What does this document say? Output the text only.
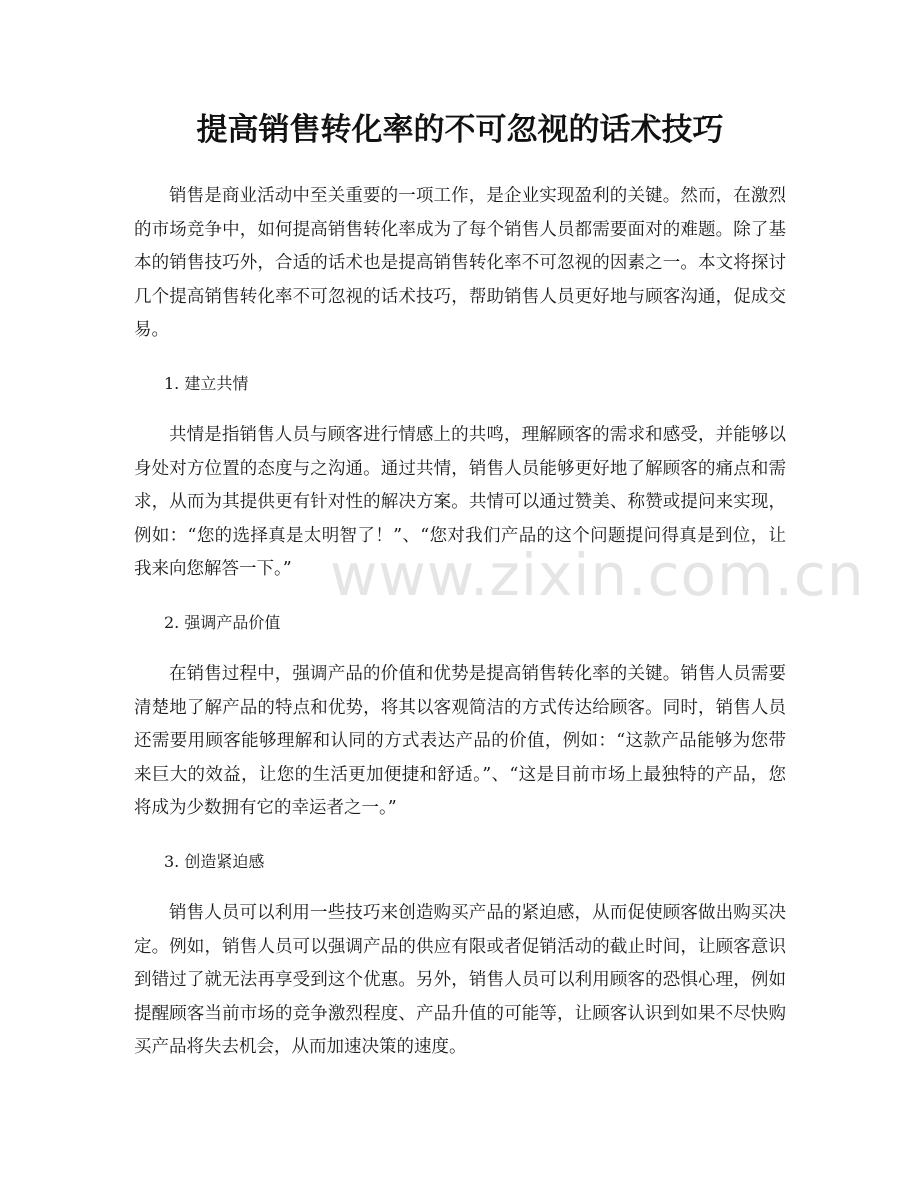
提高销售转化率的不可忽视的话术技巧

销售是商业活动中至关重要的一项工作，是企业实现盈利的关键。然而，在激烈的市场竞争中，如何提高销售转化率成为了每个销售人员都需要面对的难题。除了基本的销售技巧外，合适的话术也是提高销售转化率不可忽视的因素之一。本文将探讨几个提高销售转化率不可忽视的话术技巧，帮助销售人员更好地与顾客沟通，促成交易。

1. 建立共情

共情是指销售人员与顾客进行情感上的共鸣，理解顾客的需求和感受，并能够以身处对方位置的态度与之沟通。通过共情，销售人员能够更好地了解顾客的痛点和需求，从而为其提供更有针对性的解决方案。共情可以通过赞美、称赞或提问来实现，例如：“您的选择真是太明智了！”、“您对我们产品的这个问题提问得真是到位，让我来向您解答一下。”

2. 强调产品价值

在销售过程中，强调产品的价值和优势是提高销售转化率的关键。销售人员需要清楚地了解产品的特点和优势，将其以客观简洁的方式传达给顾客。同时，销售人员还需要用顾客能够理解和认同的方式表达产品的价值，例如：“这款产品能够为您带来巨大的效益，让您的生活更加便捷和舒适。”、“这是目前市场上最独特的产品，您将成为少数拥有它的幸运者之一。”

3. 创造紧迫感

销售人员可以利用一些技巧来创造购买产品的紧迫感，从而促使顾客做出购买决定。例如，销售人员可以强调产品的供应有限或者促销活动的截止时间，让顾客意识到错过了就无法再享受到这个优惠。另外，销售人员可以利用顾客的恐惧心理，例如提醒顾客当前市场的竞争激烈程度、产品升值的可能等，让顾客认识到如果不尽快购买产品将失去机会，从而加速决策的速度。

www.zixin.com.cn
